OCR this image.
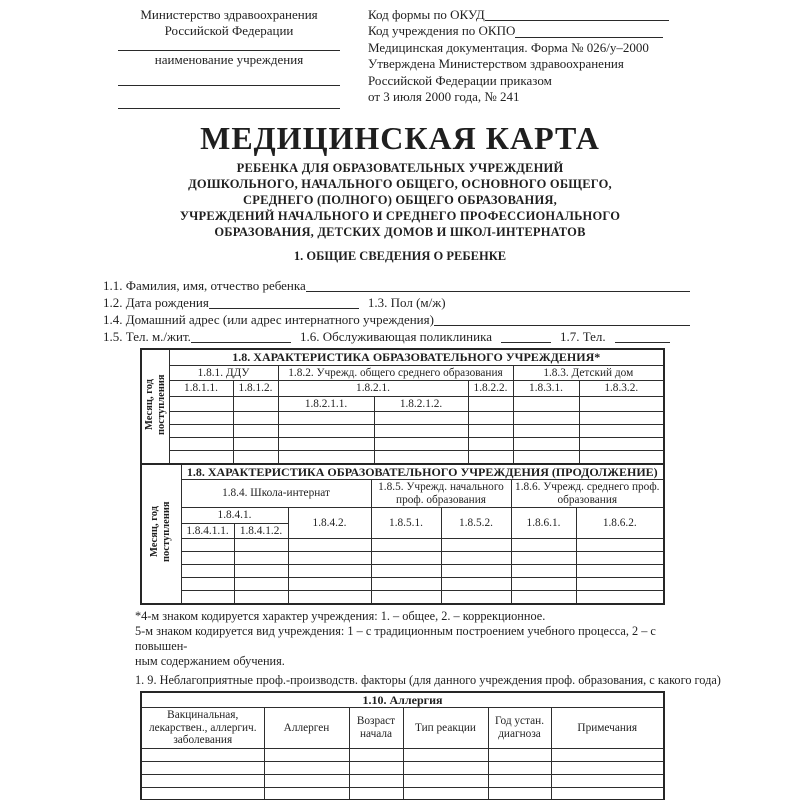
Министерство здравоохранения
Российской Федерации
наименование учреждения
Код формы по ОКУД
Код учреждения по ОКПО
Медицинская документация. Форма № 026/у–2000
Утверждена Министерством здравоохранения
Российской Федерации приказом
от 3 июля 2000 года, № 241
МЕДИЦИНСКАЯ КАРТА
РЕБЕНКА ДЛЯ ОБРАЗОВАТЕЛЬНЫХ УЧРЕЖДЕНИЙ
ДОШКОЛЬНОГО, НАЧАЛЬНОГО ОБЩЕГО, ОСНОВНОГО ОБЩЕГО,
СРЕДНЕГО (ПОЛНОГО) ОБЩЕГО ОБРАЗОВАНИЯ,
УЧРЕЖДЕНИЙ НАЧАЛЬНОГО И СРЕДНЕГО ПРОФЕССИОНАЛЬНОГО
ОБРАЗОВАНИЯ, ДЕТСКИХ ДОМОВ И ШКОЛ-ИНТЕРНАТОВ
1. ОБЩИЕ СВЕДЕНИЯ О РЕБЕНКЕ
1.1. Фамилия, имя, отчество ребенка
1.2. Дата рождения	1.3. Пол (м/ж)
1.4. Домашний адрес (или адрес интернатного учреждения)
1.5. Тел. м./жит.	1.6. Обслуживающая поликлиника	1.7. Тел.
Месяц, год поступления	1.8. ХАРАКТЕРИСТИКА ОБРАЗОВАТЕЛЬНОГО УЧРЕЖДЕНИЯ*						
	1.8.1. ДДУ		1.8.2. Учрежд. общего среднего образования			1.8.3. Детский дом	
	1.8.1.1.	1.8.1.2.	1.8.2.1.		1.8.2.2.	1.8.3.1.	1.8.3.2.
			1.8.2.1.1.	1.8.2.1.2.			

Месяц, год поступления	1.8. ХАРАКТЕРИСТИКА ОБРАЗОВАТЕЛЬНОГО УЧРЕЖДЕНИЯ (ПРОДОЛЖЕНИЕ)						
	1.8.4. Школа-интернат			1.8.5. Учрежд. начального проф. образования		1.8.6. Учрежд. среднего проф. образования	
	1.8.4.1.		1.8.4.2.	1.8.5.1.	1.8.5.2.	1.8.6.1.	1.8.6.2.
	1.8.4.1.1.	1.8.4.1.2.					

*4-м знаком кодируется характер учреждения: 1. – общее, 2. – коррекционное.
5-м знаком кодируется вид учреждения: 1 – с традиционным построением учебного процесса, 2 – с повышен-
ным содержанием обучения.
1. 9. Неблагоприятные проф.-производств. факторы (для данного учреждения проф. образования, с какого года)
1.10. Аллергия					
Вакцинальная, лекарствен., аллергич. заболевания	Аллерген	Возраст начала	Тип реакции	Год устан. диагноза	Примечания
